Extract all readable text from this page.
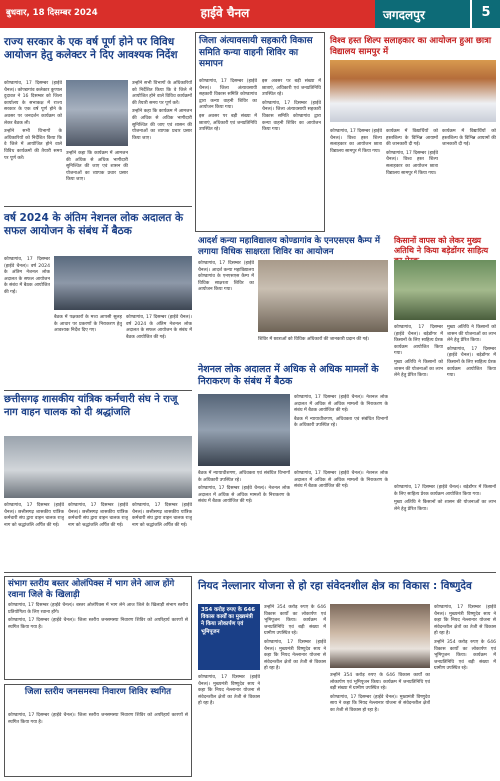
बुधवार, 18 दिसम्बर 2024	हाईवे चैनल	जगदलपुर	5
राज्य सरकार के एक वर्ष पूर्ण होने पर विविध आयोजन हेतु कलेक्टर ने दिए आवश्यक निर्देश

कोण्डागांव, 17 दिसम्बर (हाईवे चैनल)। कोण्डागांव कलेक्टर कुणाल दुदावत ने 16 दिसम्बर को जिला कार्यालय के सभाकक्ष में राज्य सरकार के एक वर्ष पूर्ण होने के अवसर पर जनदर्शन कार्यक्रम को लेकर बैठक ली।

उन्होंने सभी विभागों के अधिकारियों को निर्देशित किया कि वे जिले में आयोजित होने वाले विविध कार्यक्रमों की तैयारी समय पर पूर्ण करें।

उन्होंने कहा कि कार्यक्रम में आमजन की अधिक से अधिक भागीदारी सुनिश्चित की जाए एवं शासन की योजनाओं का व्यापक प्रचार प्रसार किया जाए।

उन्होंने सभी विभागों के अधिकारियों को निर्देशित किया कि वे जिले में आयोजित होने वाले विविध कार्यक्रमों की तैयारी समय पर पूर्ण करें।

उन्होंने कहा कि कार्यक्रम में आमजन की अधिक से अधिक भागीदारी सुनिश्चित की जाए एवं शासन की योजनाओं का व्यापक प्रचार प्रसार किया जाए।

जिला अंत्यावसायी सहकारी विकास समिति कन्या वाहनी शिविर का समापन

कोण्डागांव, 17 दिसम्बर (हाईवे चैनल)। जिला अंत्यावसायी सहकारी विकास समिति कोण्डागांव द्वारा कन्या वाहनी शिविर का आयोजन किया गया।

इस अवसर पर बड़ी संख्या में छात्राएं, अधिकारी एवं जनप्रतिनिधि उपस्थित रहे।

इस अवसर पर बड़ी संख्या में छात्राएं, अधिकारी एवं जनप्रतिनिधि उपस्थित रहे।

कोण्डागांव, 17 दिसम्बर (हाईवे चैनल)। जिला अंत्यावसायी सहकारी विकास समिति कोण्डागांव द्वारा कन्या वाहनी शिविर का आयोजन किया गया।

विश्व हस्त शिल्प सलाहकार का आयोजन हुआ छात्रा विद्यालय सामपुर में

कोण्डागांव, 17 दिसम्बर (हाईवे चैनल)। विश्व हस्त शिल्प सलाहकार का आयोजन छात्रा विद्यालय सामपुर में किया गया।

कार्यक्रम में विद्यार्थियों को हस्तशिल्प के विभिन्न आयामों की जानकारी दी गई।

कोण्डागांव, 17 दिसम्बर (हाईवे चैनल)। विश्व हस्त शिल्प सलाहकार का आयोजन छात्रा विद्यालय सामपुर में किया गया।

कार्यक्रम में विद्यार्थियों को हस्तशिल्प के विभिन्न आयामों की जानकारी दी गई।

वर्ष 2024 के अंतिम नेशनल लोक अदालत के सफल आयोजन के संबंध में बैठक

कोण्डागांव, 17 दिसम्बर (हाईवे चैनल)। वर्ष 2024 के अंतिम नेशनल लोक अदालत के सफल आयोजन के संबंध में बैठक आयोजित की गई।

बैठक में पक्षकारों के मध्य आपसी सुलह के आधार पर प्रकरणों के निराकरण हेतु आवश्यक निर्देश दिए गए।

कोण्डागांव, 17 दिसम्बर (हाईवे चैनल)। वर्ष 2024 के अंतिम नेशनल लोक अदालत के सफल आयोजन के संबंध में बैठक आयोजित की गई।

आदर्श कन्या महाविद्यालय कोण्डागांव के एनएसएस कैम्प में लगाया विधिक साक्षरता शिविर का आयोजन

कोण्डागांव, 17 दिसम्बर (हाईवे चैनल)। आदर्श कन्या महाविद्यालय कोण्डागांव के एनएसएस कैम्प में विधिक साक्षरता शिविर का आयोजन किया गया।

शिविर में छात्राओं को विधिक अधिकारों की जानकारी प्रदान की गई।

किसानों वापस को लेकर मुख्य अतिथि ने किया बड़ेडोंगर साहित्य

कोण्डागांव, 17 दिसम्बर (हाईवे चैनल)। बड़ेडोंगर में किसानों के लिए साहित्य प्रेरक कार्यक्रम आयोजित किया गया।

मुख्य अतिथि ने किसानों को शासन की योजनाओं का लाभ लेने हेतु प्रेरित किया।

मुख्य अतिथि ने किसानों को शासन की योजनाओं का लाभ लेने हेतु प्रेरित किया।

कोण्डागांव, 17 दिसम्बर (हाईवे चैनल)। बड़ेडोंगर में किसानों के लिए साहित्य प्रेरक कार्यक्रम आयोजित किया गया।

छत्तीसगढ़ शासकीय यांत्रिक कर्मचारी संघ ने राजू नाग वाहन चालक को दी श्रद्धांजलि

कोण्डागांव, 17 दिसम्बर (हाईवे चैनल)। छत्तीसगढ़ शासकीय यांत्रिक कर्मचारी संघ द्वारा वाहन चालक राजू नाग को श्रद्धांजलि अर्पित की गई।

कोण्डागांव, 17 दिसम्बर (हाईवे चैनल)। छत्तीसगढ़ शासकीय यांत्रिक कर्मचारी संघ द्वारा वाहन चालक राजू नाग को श्रद्धांजलि अर्पित की गई।

कोण्डागांव, 17 दिसम्बर (हाईवे चैनल)। छत्तीसगढ़ शासकीय यांत्रिक कर्मचारी संघ द्वारा वाहन चालक राजू नाग को श्रद्धांजलि अर्पित की गई।

नेशनल लोक अदालत में अधिक से अधिक मामलों के निराकरण के संबंध में बैठक

कोण्डागांव, 17 दिसम्बर (हाईवे चैनल)। नेशनल लोक अदालत में अधिक से अधिक मामलों के निराकरण के संबंध में बैठक आयोजित की गई।

बैठक में न्यायाधीशगण, अधिवक्ता एवं संबंधित विभागों के अधिकारी उपस्थित रहे।

बैठक में न्यायाधीशगण, अधिवक्ता एवं संबंधित विभागों के अधिकारी उपस्थित रहे।

कोण्डागांव, 17 दिसम्बर (हाईवे चैनल)। नेशनल लोक अदालत में अधिक से अधिक मामलों के निराकरण के संबंध में बैठक आयोजित की गई।

कोण्डागांव, 17 दिसम्बर (हाईवे चैनल)। नेशनल लोक अदालत में अधिक से अधिक मामलों के निराकरण के संबंध में बैठक आयोजित की गई।	कोण्डागांव, 17 दिसम्बर (हाईवे चैनल)। बड़ेडोंगर में किसानों के लिए साहित्य प्रेरक कार्यक्रम आयोजित किया गया।

मुख्य अतिथि ने किसानों को शासन की योजनाओं का लाभ लेने हेतु प्रेरित किया।

संभाग स्तरीय बस्तर ओलंपिक्स में भाग लेने आज होंगे रवाना जिले के खिलाड़ी

कोण्डागांव, 17 दिसम्बर (हाईवे चैनल)। बस्तर ओलंपिक्स में भाग लेने आज जिले के खिलाड़ी संभाग स्तरीय प्रतियोगिता के लिए रवाना होंगे।

कोण्डागांव, 17 दिसम्बर (हाईवे चैनल)। जिला स्तरीय जनसमस्या निवारण शिविर को अपरिहार्य कारणों से स्थगित किया गया है।

जिला स्तरीय जनसमस्या निवारण शिविर स्थगित

कोण्डागांव, 17 दिसम्बर (हाईवे चैनल)। जिला स्तरीय जनसमस्या निवारण शिविर को अपरिहार्य कारणों से स्थगित किया गया है।

नियद नेल्लानार योजना से हो रहा संवेदनशील क्षेत्र का विकास : विष्णुदेव
354 करोड़ रुपए के 646 विकास कार्यों का मुख्यमंत्री ने किया लोकार्पण एवं भूमिपूजन

कोण्डागांव, 17 दिसम्बर (हाईवे चैनल)। मुख्यमंत्री विष्णुदेव साय ने कहा कि नियद नेल्लानार योजना से संवेदनशील क्षेत्रों का तेजी से विकास हो रहा है।

उन्होंने 354 करोड़ रुपए के 646 विकास कार्यों का लोकार्पण एवं भूमिपूजन किया। कार्यक्रम में जनप्रतिनिधि एवं बड़ी संख्या में ग्रामीण उपस्थित रहे।

कोण्डागांव, 17 दिसम्बर (हाईवे चैनल)। मुख्यमंत्री विष्णुदेव साय ने कहा कि नियद नेल्लानार योजना से संवेदनशील क्षेत्रों का तेजी से विकास हो रहा है।

उन्होंने 354 करोड़ रुपए के 646 विकास कार्यों का लोकार्पण एवं भूमिपूजन किया। कार्यक्रम में जनप्रतिनिधि एवं बड़ी संख्या में ग्रामीण उपस्थित रहे।

कोण्डागांव, 17 दिसम्बर (हाईवे चैनल)। मुख्यमंत्री विष्णुदेव साय ने कहा कि नियद नेल्लानार योजना से संवेदनशील क्षेत्रों का तेजी से विकास हो रहा है।

कोण्डागांव, 17 दिसम्बर (हाईवे चैनल)। मुख्यमंत्री विष्णुदेव साय ने कहा कि नियद नेल्लानार योजना से संवेदनशील क्षेत्रों का तेजी से विकास हो रहा है।

उन्होंने 354 करोड़ रुपए के 646 विकास कार्यों का लोकार्पण एवं भूमिपूजन किया। कार्यक्रम में जनप्रतिनिधि एवं बड़ी संख्या में ग्रामीण उपस्थित रहे।
